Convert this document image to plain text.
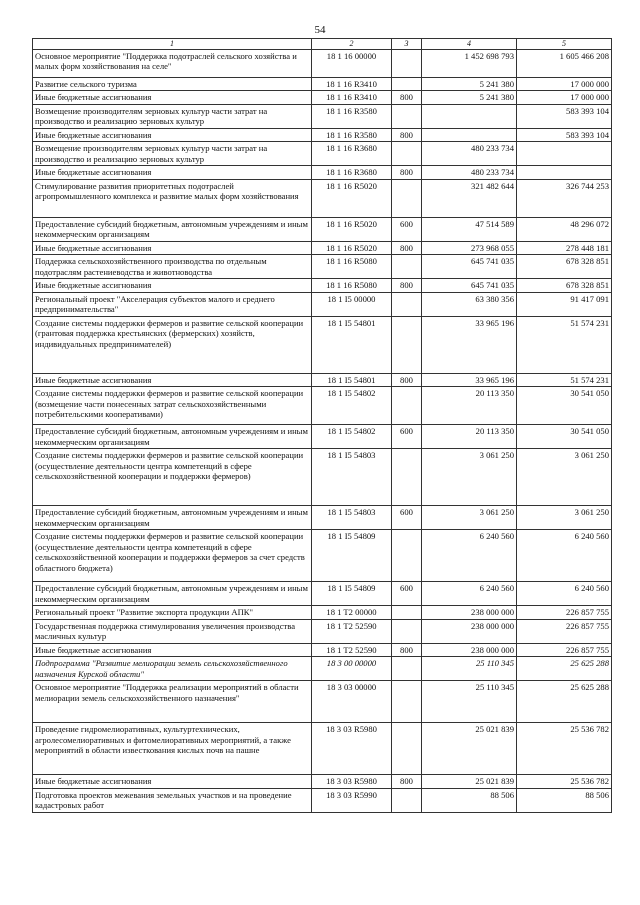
54
1	2	3	4	5
Основное мероприятие "Поддержка подотраслей сельского хозяйства и малых форм хозяйствования на селе"	18 1 16 00000		1 452 698 793	1 605 466 208
Развитие сельского туризма	18 1 16 R3410		5 241 380	17 000 000
Иные бюджетные ассигнования	18 1 16 R3410	800	5 241 380	17 000 000
Возмещение производителям зерновых культур части затрат на производство и реализацию зерновых культур	18 1 16 R3580			583 393 104
Иные бюджетные ассигнования	18 1 16 R3580	800		583 393 104
Возмещение производителям зерновых культур части затрат на производство и реализацию зерновых культур	18 1 16 R3680		480 233 734	
Иные бюджетные ассигнования	18 1 16 R3680	800	480 233 734	
Стимулирование развития приоритетных подотраслей агропромышленного комплекса и развитие малых форм хозяйствования	18 1 16 R5020		321 482 644	326 744 253
Предоставление субсидий бюджетным, автономным учреждениям и иным некоммерческим организациям	18 1 16 R5020	600	47 514 589	48 296 072
Иные бюджетные ассигнования	18 1 16 R5020	800	273 968 055	278 448 181
Поддержка сельскохозяйственного производства по отдельным подотраслям растениеводства и животноводства	18 1 16 R5080		645 741 035	678 328 851
Иные бюджетные ассигнования	18 1 16 R5080	800	645 741 035	678 328 851
Региональный проект "Акселерация субъектов малого и среднего предпринимательства"	18 1 I5 00000		63 380 356	91 417 091
Создание системы поддержки фермеров и развитие сельской кооперации (грантовая поддержка крестьянских (фермерских) хозяйств, индивидуальных предпринимателей)	18 1 I5 54801		33 965 196	51 574 231
Иные бюджетные ассигнования	18 1 I5 54801	800	33 965 196	51 574 231
Создание системы поддержки фермеров и развитие сельской кооперации (возмещение части понесенных затрат сельскохозяйственными потребительскими кооперативами)	18 1 I5 54802		20 113 350	30 541 050
Предоставление субсидий бюджетным, автономным учреждениям и иным некоммерческим организациям	18 1 I5 54802	600	20 113 350	30 541 050
Создание системы поддержки фермеров и развитие сельской кооперации (осуществление деятельности центра компетенций в сфере сельскохозяйственной кооперации и поддержки фермеров)	18 1 I5 54803		3 061 250	3 061 250
Предоставление субсидий бюджетным, автономным учреждениям и иным некоммерческим организациям	18 1 I5 54803	600	3 061 250	3 061 250
Создание системы поддержки фермеров и развитие сельской кооперации (осуществление деятельности центра компетенций в сфере сельскохозяйственной кооперации и поддержки фермеров за счет средств областного бюджета)	18 1 I5 54809		6 240 560	6 240 560
Предоставление субсидий бюджетным, автономным учреждениям и иным некоммерческим организациям	18 1 I5 54809	600	6 240 560	6 240 560
Региональный проект "Развитие экспорта продукции АПК"	18 1 T2 00000		238 000 000	226 857 755
Государственная поддержка стимулирования увеличения производства масличных культур	18 1 T2 52590		238 000 000	226 857 755
Иные бюджетные ассигнования	18 1 T2 52590	800	238 000 000	226 857 755
Подпрограмма "Развитие мелиорации земель сельскохозяйственного назначения Курской области"	18 3 00 00000		25 110 345	25 625 288
Основное мероприятие "Поддержка реализации мероприятий в области мелиорации земель сельскохозяйственного назначения"	18 3 03 00000		25 110 345	25 625 288
Проведение гидромелиоративных, культуртехнических, агролесомелиоративных и фитомелиоративных мероприятий, а также мероприятий в области известкования кислых почв на пашне	18 3 03 R5980		25 021 839	25 536 782
Иные бюджетные ассигнования	18 3 03 R5980	800	25 021 839	25 536 782
Подготовка проектов межевания земельных участков и на проведение кадастровых работ	18 3 03 R5990		88 506	88 506
